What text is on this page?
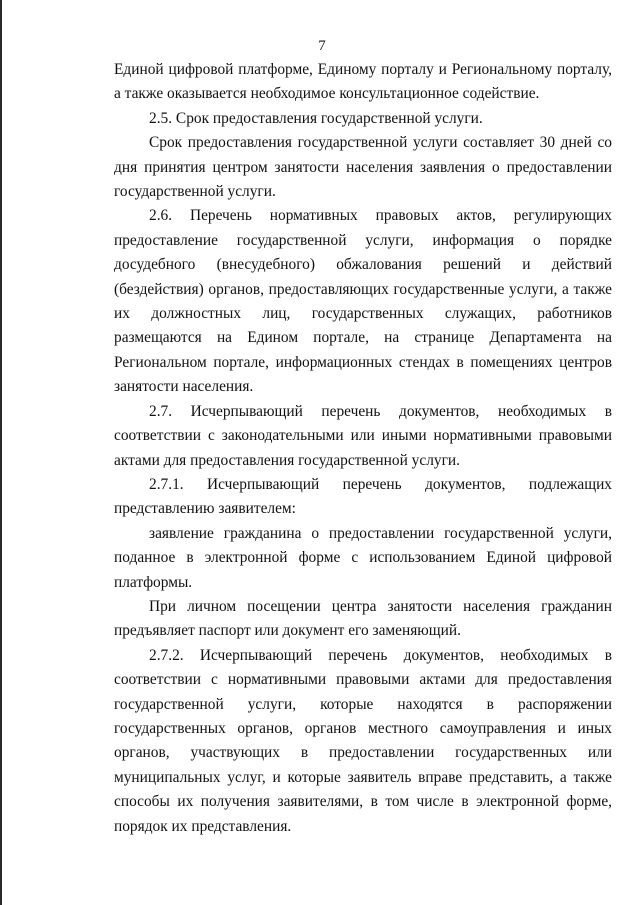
7

Единой цифровой платформе, Единому порталу и Региональному порталу, а также оказывается необходимое консультационное содействие.

2.5. Срок предоставления государственной услуги.

Срок предоставления государственной услуги составляет 30 дней со дня принятия центром занятости населения заявления о предоставлении государственной услуги.

2.6. Перечень нормативных правовых актов, регулирующих предоставление государственной услуги, информация о порядке досудебного (внесудебного) обжалования решений и действий (бездействия) органов, предоставляющих государственные услуги, а также их должностных лиц, государственных служащих, работников размещаются на Едином портале, на странице Департамента на Региональном портале, информационных стендах в помещениях центров занятости населения.

2.7. Исчерпывающий перечень документов, необходимых в соответствии с законодательными или иными нормативными правовыми актами для предоставления государственной услуги.

2.7.1. Исчерпывающий перечень документов, подлежащих представлению заявителем:

заявление гражданина о предоставлении государственной услуги, поданное в электронной форме с использованием Единой цифровой платформы.

При личном посещении центра занятости населения гражданин предъявляет паспорт или документ его заменяющий.

2.7.2. Исчерпывающий перечень документов, необходимых в соответствии с нормативными правовыми актами для предоставления государственной услуги, которые находятся в распоряжении государственных органов, органов местного самоуправления и иных органов, участвующих в предоставлении государственных или муниципальных услуг, и которые заявитель вправе представить, а также способы их получения заявителями, в том числе в электронной форме, порядок их представления.
